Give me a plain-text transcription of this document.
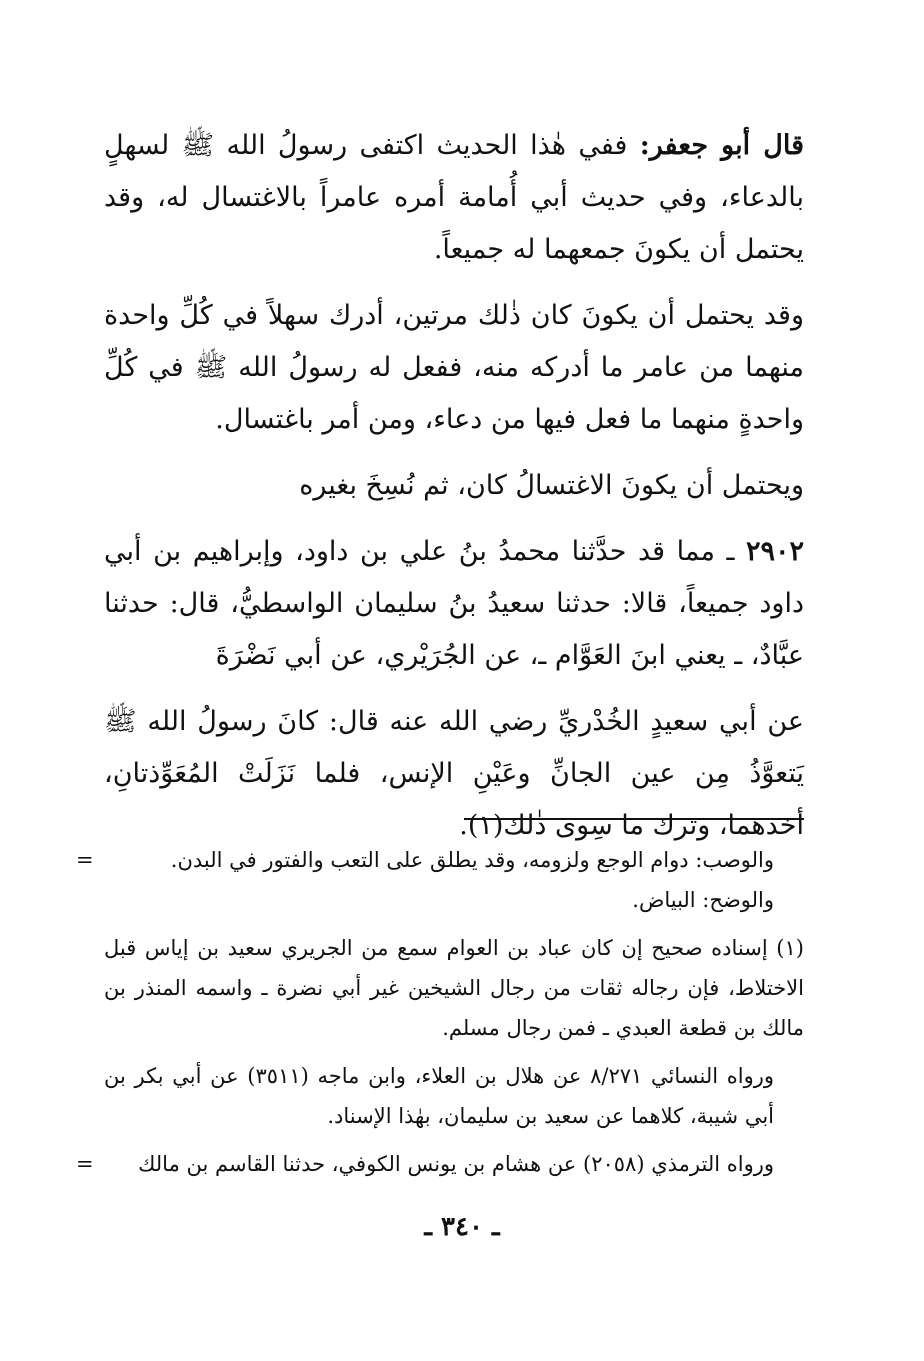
قال أبو جعفر: ففي هٰذا الحديث اكتفى رسولُ الله ﷺ لسهلٍ بالدعاء، وفي حديث أبي أُمامة أمره عامراً بالاغتسال له، وقد يحتمل أن يكونَ جمعهما له جميعاً.

وقد يحتمل أن يكونَ كان ذٰلك مرتين، أدرك سهلاً في كُلِّ واحدة منهما من عامر ما أدركه منه، ففعل له رسولُ الله ﷺ في كُلِّ واحدةٍ منهما ما فعل فيها من دعاء، ومن أمر باغتسال.

ويحتمل أن يكونَ الاغتسالُ كان، ثم نُسِخَ بغيره

٢٩٠٢ ـ مما قد حدَّثنا محمدُ بنُ علي بن داود، وإبراهيم بن أبي داود جميعاً، قالا: حدثنا سعيدُ بنُ سليمان الواسطيُّ، قال: حدثنا عبَّادٌ، ـ يعني ابنَ العَوَّام ـ، عن الجُرَيْري، عن أبي نَضْرَةَ

عن أبي سعيدٍ الخُدْريِّ رضي الله عنه قال: كانَ رسولُ الله ﷺ يَتعوَّذُ مِن عين الجانِّ وعَيْنِ الإنس، فلما نَزَلَتْ المُعَوِّذتانِ، أخذهما، وترك ما سِوى ذٰلك(١).

=	والوصب: دوام الوجع ولزومه، وقد يطلق على التعب والفتور في البدن.

والوضح: البياض.

(١) إسناده صحيح إن كان عباد بن العوام سمع من الجريري سعيد بن إياس قبل الاختلاط، فإن رجاله ثقات من رجال الشيخين غير أبي نضرة ـ واسمه المنذر بن مالك بن قطعة العبدي ـ فمن رجال مسلم.

ورواه النسائي ٨/٢٧١ عن هلال بن العلاء، وابن ماجه (٣٥١١) عن أبي بكر بن أبي شيبة، كلاهما عن سعيد بن سليمان، بهٰذا الإسناد.

=	ورواه الترمذي (٢٠٥٨) عن هشام بن يونس الكوفي، حدثنا القاسم بن مالك

ـ ٣٤٠ ـ
